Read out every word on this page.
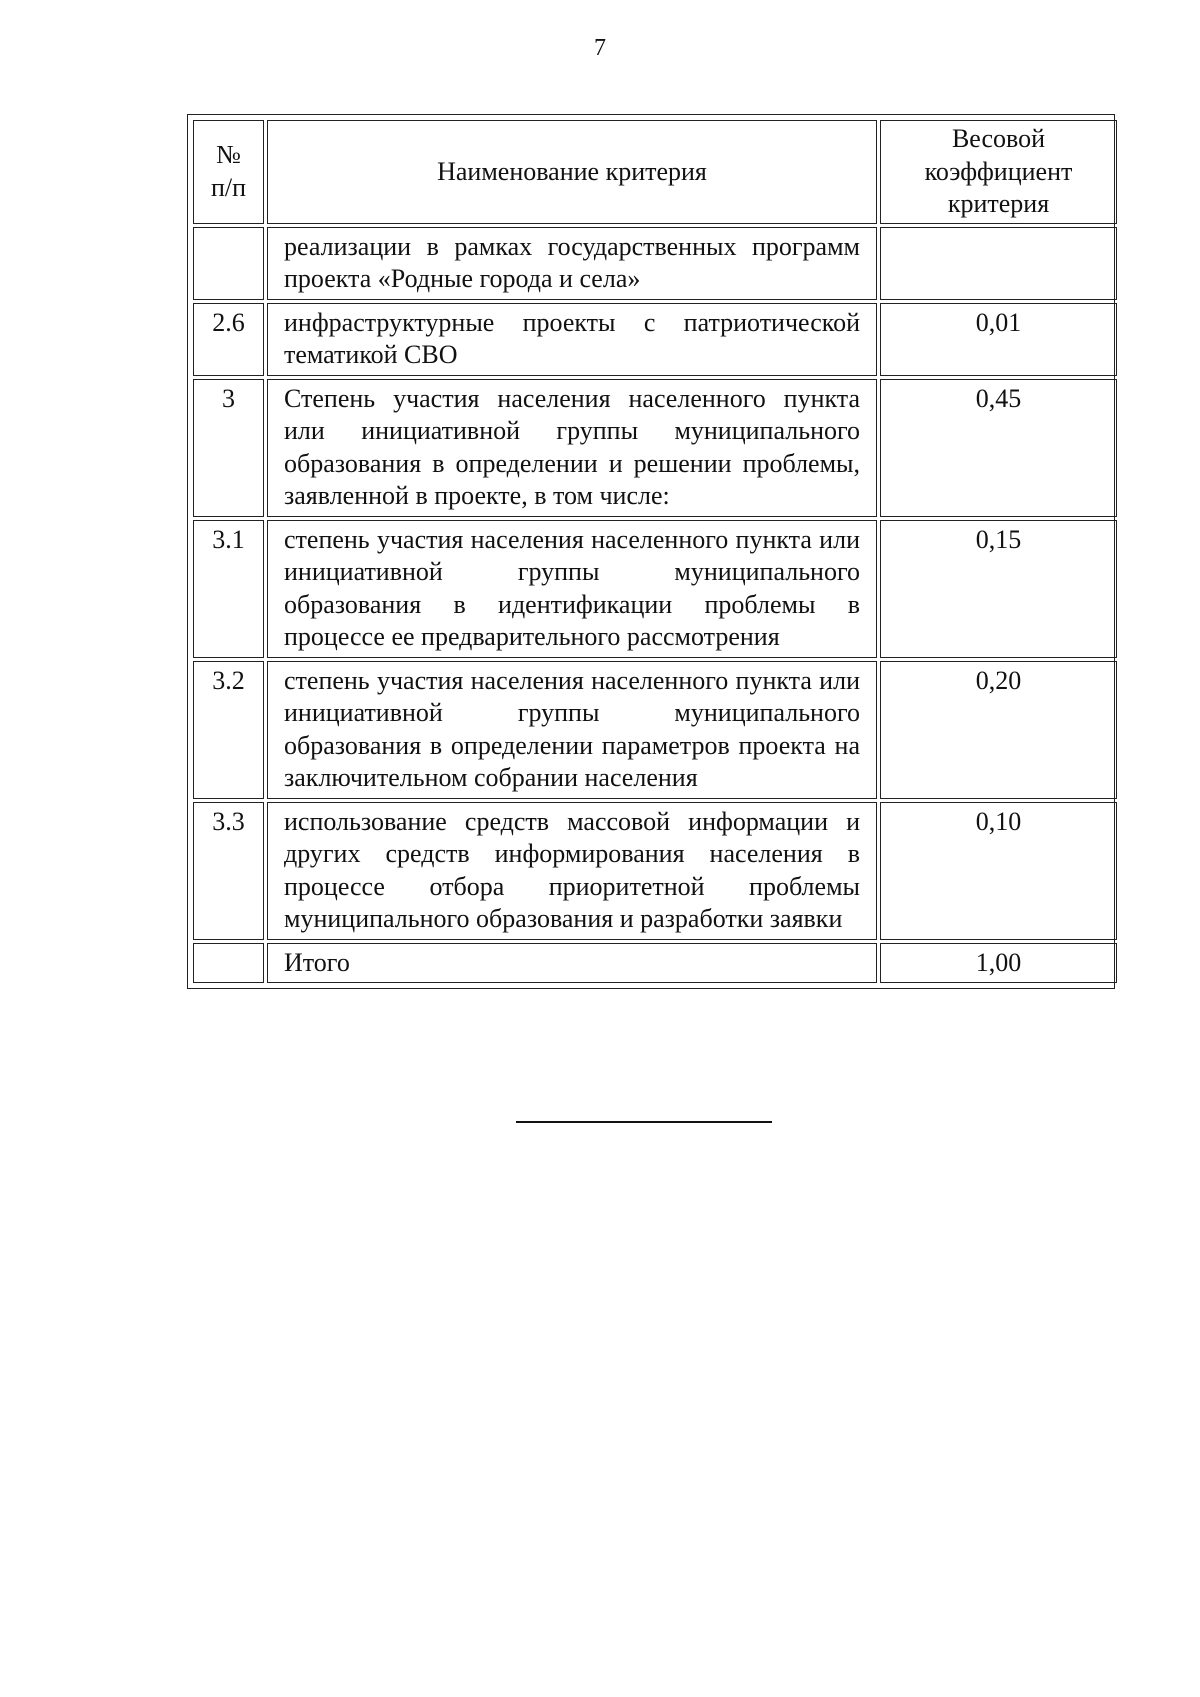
7
№ п/п	Наименование критерия	Весовой коэффициент критерия
	реализации в рамках государственных программ проекта «Родные города и села»	
2.6	инфраструктурные проекты с патриотической тематикой СВО	0,01
3	Степень участия населения населенного пункта или инициативной группы муниципального образования в определении и решении проблемы, заявленной в проекте, в том числе:	0,45
3.1	степень участия населения населенного пункта или инициативной группы муниципального образования в идентификации проблемы в процессе ее предварительного рассмотрения	0,15
3.2	степень участия населения населенного пункта или инициативной группы муниципального образования в определении параметров проекта на заключительном собрании населения	0,20
3.3	использование средств массовой информации и других средств информирования населения в процессе отбора приоритетной проблемы муниципального образования и разработки заявки	0,10
	Итого	1,00
